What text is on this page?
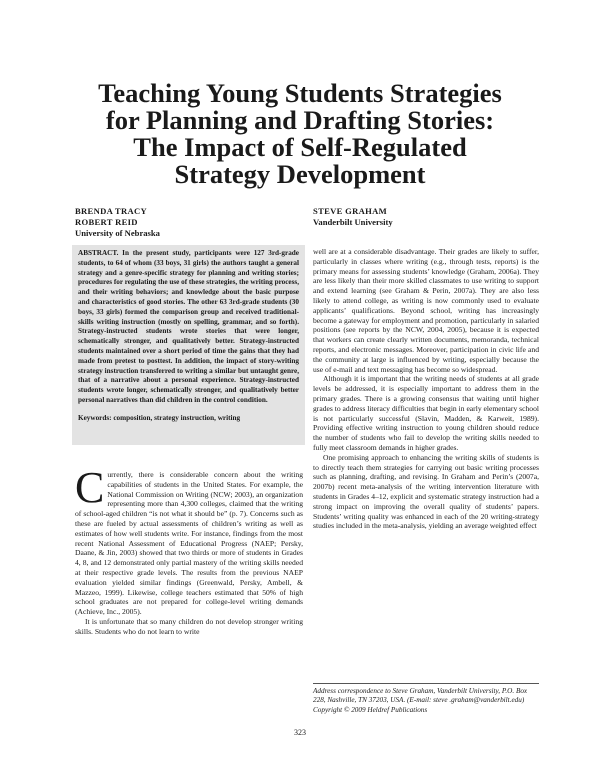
Teaching Young Students Strategies
for Planning and Drafting Stories:
The Impact of Self-Regulated
Strategy Development
BRENDA TRACY
ROBERT REID
University of Nebraska
STEVE GRAHAM
Vanderbilt University

ABSTRACT. In the present study, participants were 127 3rd-grade students, to 64 of whom (33 boys, 31 girls) the authors taught a general strategy and a genre-specific strategy for planning and writing stories; procedures for regulating the use of these strategies, the writing process, and their writing behaviors; and knowledge about the basic purpose and characteristics of good stories. The other 63 3rd-grade students (30 boys, 33 girls) formed the comparison group and received traditional-skills writing instruction (mostly on spelling, grammar, and so forth). Strategy-instructed students wrote stories that were longer, schematically stronger, and qualitatively better. Strategy-instructed students maintained over a short period of time the gains that they had made from pretest to posttest. In addition, the impact of story-writing strategy instruction transferred to writing a similar but untaught genre, that of a narrative about a personal experience. Strategy-instructed students wrote longer, schematically stronger, and qualitatively better personal narratives than did children in the control condition.

Keywords: composition, strategy instruction, writing

Currently, there is considerable concern about the writing capabilities of students in the United States. For example, the National Commission on Writing (NCW; 2003), an organization representing more than 4,300 colleges, claimed that the writing of school-aged children “is not what it should be” (p. 7). Concerns such as these are fueled by actual assessments of children’s writing as well as estimates of how well students write. For instance, findings from the most recent National Assessment of Educational Progress (NAEP; Persky, Daane, & Jin, 2003) showed that two thirds or more of students in Grades 4, 8, and 12 demonstrated only partial mastery of the writing skills needed at their respective grade levels. The results from the previous NAEP evaluation yielded similar findings (Greenwald, Persky, Ambell, & Mazzeo, 1999). Likewise, college teachers estimated that 50% of high school graduates are not prepared for college-level writing demands (Achieve, Inc., 2005).

It is unfortunate that so many children do not develop stronger writing skills. Students who do not learn to write

well are at a considerable disadvantage. Their grades are likely to suffer, particularly in classes where writing (e.g., through tests, reports) is the primary means for assessing students’ knowledge (Graham, 2006a). They are less likely than their more skilled classmates to use writing to support and extend learning (see Graham & Perin, 2007a). They are also less likely to attend college, as writing is now commonly used to evaluate applicants’ qualifications. Beyond school, writing has increasingly become a gateway for employment and promotion, particularly in salaried positions (see reports by the NCW, 2004, 2005), because it is expected that workers can create clearly written documents, memoranda, technical reports, and electronic messages. Moreover, participation in civic life and the community at large is influenced by writing, especially because the use of e-mail and text messaging has become so widespread.

Although it is important that the writing needs of students at all grade levels be addressed, it is especially important to address them in the primary grades. There is a growing consensus that waiting until higher grades to address literacy difficulties that begin in early elementary school is not particularly successful (Slavin, Madden, & Karweit, 1989). Providing effective writing instruction to young children should reduce the number of students who fail to develop the writing skills needed to fully meet classroom demands in higher grades.

One promising approach to enhancing the writing skills of students is to directly teach them strategies for carrying out basic writing processes such as planning, drafting, and revising. In Graham and Perin’s (2007a, 2007b) recent meta-analysis of the writing intervention literature with students in Grades 4–12, explicit and systematic strategy instruction had a strong impact on improving the overall quality of students’ papers. Students’ writing quality was enhanced in each of the 20 writing-strategy studies included in the meta-analysis, yielding an average weighted effect

Address correspondence to Steve Graham, Vanderbilt University, P.O. Box 228, Nashville, TN 37203, USA. (E-mail: steve .graham@vanderbilt.edu)

Copyright © 2009 Heldref Publications

323
